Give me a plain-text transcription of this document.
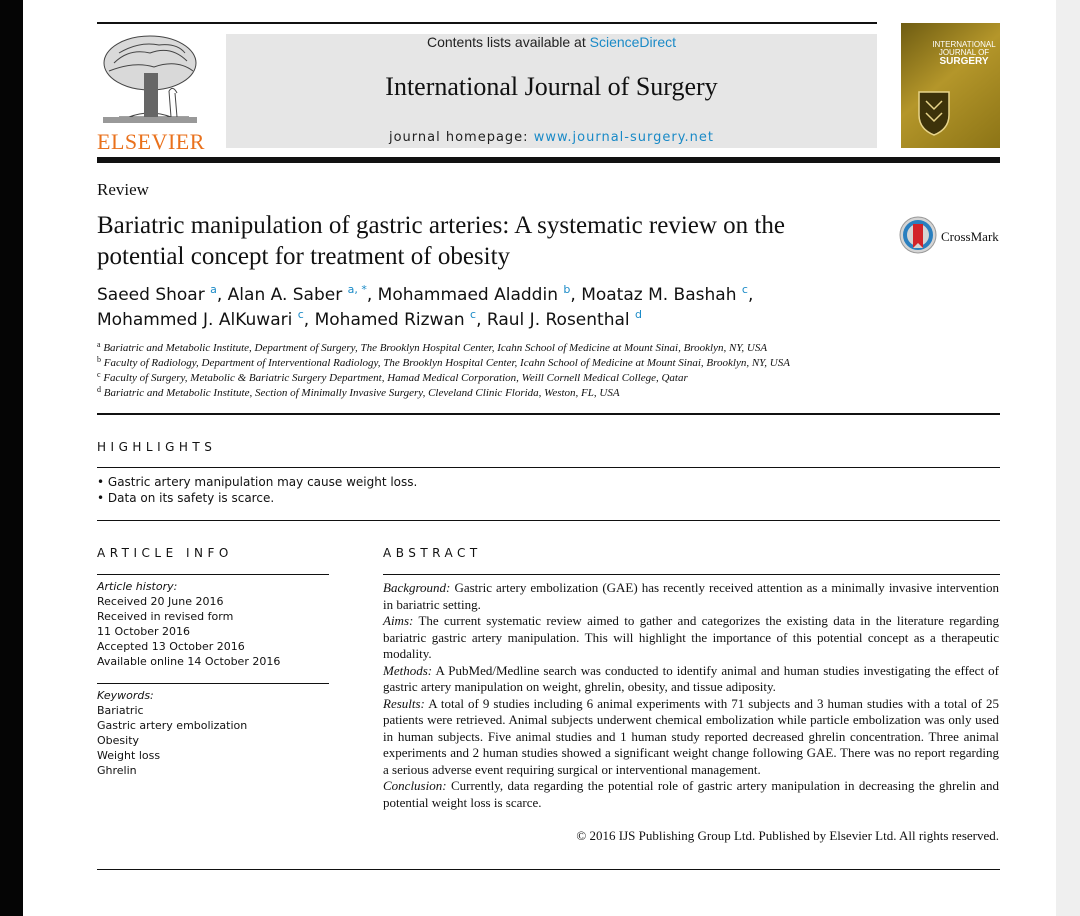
ELSEVIER
Contents lists available at ScienceDirect
International Journal of Surgery
journal homepage: www.journal-surgery.net
INTERNATIONAL
JOURNAL OF
SURGERY
Review
Bariatric manipulation of gastric arteries: A systematic review on the potential concept for treatment of obesity
CrossMark
Saeed Shoar $^a$, Alan A. Saber $^{a, *}$, Mohammaed Aladdin $^b$, Moataz M. Bashah $^c$,
Mohammed J. AlKuwari $^c$, Mohamed Rizwan $^c$, Raul J. Rosenthal $^d$
$^a$ Bariatric and Metabolic Institute, Department of Surgery, The Brooklyn Hospital Center, Icahn School of Medicine at Mount Sinai, Brooklyn, NY, USA
$^b$ Faculty of Radiology, Department of Interventional Radiology, The Brooklyn Hospital Center, Icahn School of Medicine at Mount Sinai, Brooklyn, NY, USA
$^c$ Faculty of Surgery, Metabolic & Bariatric Surgery Department, Hamad Medical Corporation, Weill Cornell Medical College, Qatar
$^d$ Bariatric and Metabolic Institute, Section of Minimally Invasive Surgery, Cleveland Clinic Florida, Weston, FL, USA
HIGHLIGHTS
• Gastric artery manipulation may cause weight loss.
• Data on its safety is scarce.
ARTICLE INFO
Article history:
Received 20 June 2016
Received in revised form
11 October 2016
Accepted 13 October 2016
Available online 14 October 2016
Keywords:
Bariatric
Gastric artery embolization
Obesity
Weight loss
Ghrelin
ABSTRACT

Background: Gastric artery embolization (GAE) has recently received attention as a minimally invasive intervention in bariatric setting.

Aims: The current systematic review aimed to gather and categorizes the existing data in the literature regarding bariatric gastric artery manipulation. This will highlight the importance of this potential concept as a therapeutic modality.

Methods: A PubMed/Medline search was conducted to identify animal and human studies investigating the effect of gastric artery manipulation on weight, ghrelin, obesity, and tissue adiposity.

Results: A total of 9 studies including 6 animal experiments with 71 subjects and 3 human studies with a total of 25 patients were retrieved. Animal subjects underwent chemical embolization while particle embolization was only used in human subjects. Five animal studies and 1 human study reported decreased ghrelin concentration. Three animal experiments and 2 human studies showed a significant weight change following GAE. There was no report regarding a serious adverse event requiring surgical or interventional management.

Conclusion: Currently, data regarding the potential role of gastric artery manipulation in decreasing the ghrelin and potential weight loss is scarce.

© 2016 IJS Publishing Group Ltd. Published by Elsevier Ltd. All rights reserved.
